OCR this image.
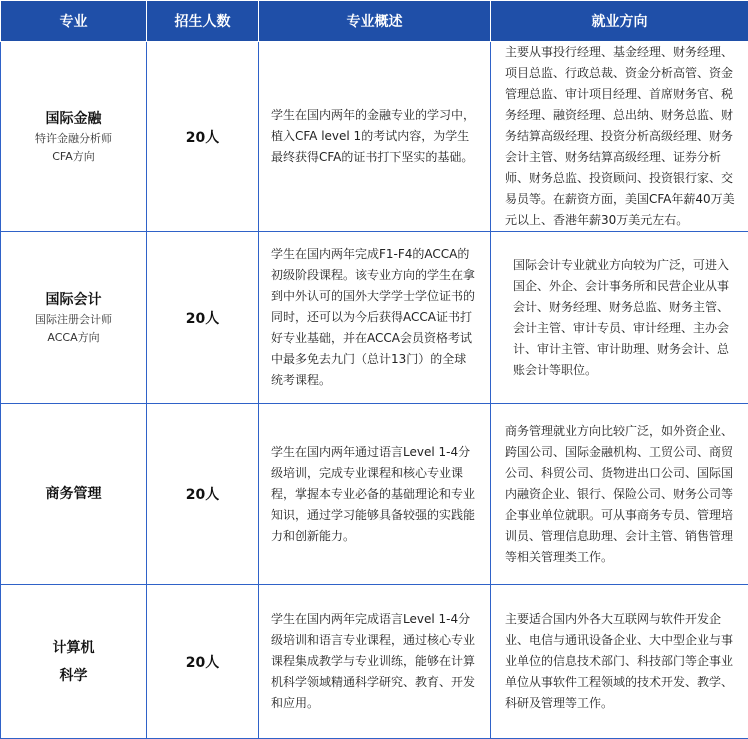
专业	招生人数	专业概述	就业方向

国际金融
特许金融分析师
CFA方向	20人	学生在国内两年的金融专业的学习中，植入CFA level 1的考试内容，为学生最终获得CFA的证书打下坚实的基础。	主要从事投行经理、基金经理、财务经理、项目总监、行政总裁、资金分析高管、资金管理总监、审计项目经理、首席财务官、税务经理、融资经理、总出纳、财务总监、财务结算高级经理、投资分析高级经理、财务会计主管、财务结算高级经理、证券分析师、财务总监、投资顾问、投资银行家、交易员等。在薪资方面，美国CFA年薪40万美元以上、香港年薪30万美元左右。

国际会计
国际注册会计师
ACCA方向	20人	学生在国内两年完成F1-F4的ACCA的初级阶段课程。该专业方向的学生在拿到中外认可的国外大学学士学位证书的同时，还可以为今后获得ACCA证书打好专业基础，并在ACCA会员资格考试中最多免去九门（总计13门）的全球统考课程。	国际会计专业就业方向较为广泛，可进入国企、外企、会计事务所和民营企业从事会计、财务经理、财务总监、财务主管、会计主管、审计专员、审计经理、主办会计、审计主管、审计助理、财务会计、总账会计等职位。

商务管理	20人	学生在国内两年通过语言Level 1-4分级培训，完成专业课程和核心专业课程，掌握本专业必备的基础理论和专业知识，通过学习能够具备较强的实践能力和创新能力。	商务管理就业方向比较广泛，如外资企业、跨国公司、国际金融机构、工贸公司、商贸公司、科贸公司、货物进出口公司、国际国内融资企业、银行、保险公司、财务公司等企事业单位就职。可从事商务专员、管理培训员、管理信息助理、会计主管、销售管理等相关管理类工作。

计算机
科学	20人	学生在国内两年完成语言Level 1-4分级培训和语言专业课程，通过核心专业课程集成教学与专业训练，能够在计算机科学领域精通科学研究、教育、开发和应用。	主要适合国内外各大互联网与软件开发企业、电信与通讯设备企业、大中型企业与事业单位的信息技术部门、科技部门等企事业单位从事软件工程领域的技术开发、教学、科研及管理等工作。
